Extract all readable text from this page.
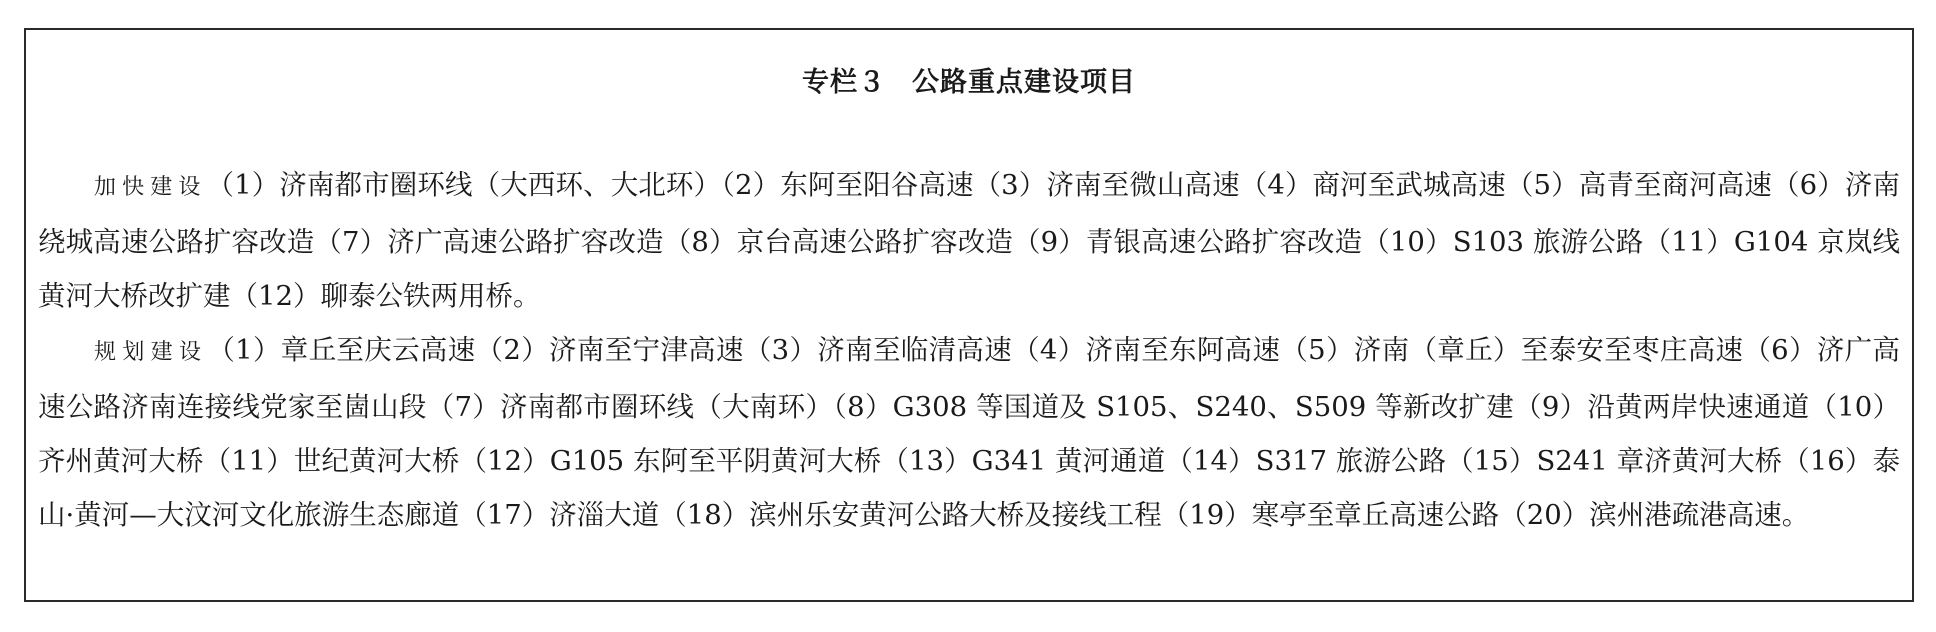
专栏３ 公路重点建设项目

加快建设（1）济南都市圈环线（大西环、大北环）（2）东阿至阳谷高速（3）济南至微山高速（4）商河至武城高速（5）高青至商河高速（6）济南绕城高速公路扩容改造（7）济广高速公路扩容改造（8）京台高速公路扩容改造（9）青银高速公路扩容改造（10）S103 旅游公路（11）G104 京岚线黄河大桥改扩建（12）聊泰公铁两用桥。

规划建设（1）章丘至庆云高速（2）济南至宁津高速（3）济南至临清高速（4）济南至东阿高速（5）济南（章丘）至泰安至枣庄高速（6）济广高速公路济南连接线党家至崮山段（7）济南都市圈环线（大南环）（8）G308 等国道及 S105、S240、S509 等新改扩建（9）沿黄两岸快速通道（10）齐州黄河大桥（11）世纪黄河大桥（12）G105 东阿至平阴黄河大桥（13）G341 黄河通道（14）S317 旅游公路（15）S241 章济黄河大桥（16）泰山·黄河—大汶河文化旅游生态廊道（17）济淄大道（18）滨州乐安黄河公路大桥及接线工程（19）寒亭至章丘高速公路（20）滨州港疏港高速。
